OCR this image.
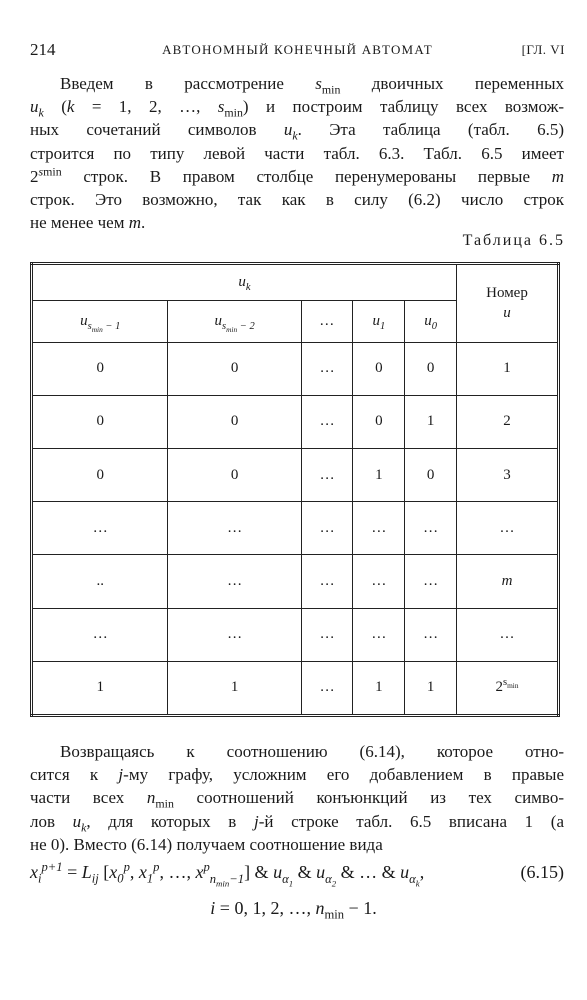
214	АВТОНОМНЫЙ КОНЕЧНЫЙ АВТОМАТ	[ГЛ. VI
Введем в рассмотрение $s_{min}$ двоичных переменных
$u_k$ (k = 1, 2, …, $s_{min}$) и построим таблицу всех возмож-
ных сочетаний символов $u_k$. Эта таблица (табл. 6.5)
строится по типу левой части табл. 6.3. Табл. 6.5 имеет
$2^{smin}$ строк. В правом столбце перенумерованы первые m
строк. Это возможно, так как в силу (6.2) число строк
не менее чем m.
Таблица 6.5
$u_k$					Номер
u

$u_{s_{min} - 1}$	$u_{s_{min} - 2}$	…	$u_1$	$u_0$
0	0	…	0	0	1
0	0	…	0	1	2
0	0	…	1	0	3
…	…	…	…	…	…
..	…	…	…	…	m
…	…	…	…	…	…
1	1	…	1	1	$2^{s_{min}}$
Возвращаясь к соотношению (6.14), которое отно-
сится к j-му графу, усложним его добавлением в правые
части всех $n_{min}$ соотношений конъюнкций из тех симво-
лов $u_k$, для которых в j-й строке табл. 6.5 вписана 1 (а
не 0). Вместо (6.14) получаем соотношение вида
$x_i^{p+1} = L_{ij}$ [$x_0^p$, $x_1^p$, …, $x^p_{n_{min}-1}$] & $u_{\alpha_1}$ & $u_{\alpha_2}$ & … & $u_{\alpha_k}$,	(6.15)
i = 0, 1, 2, …, $n_{min} - 1$.
